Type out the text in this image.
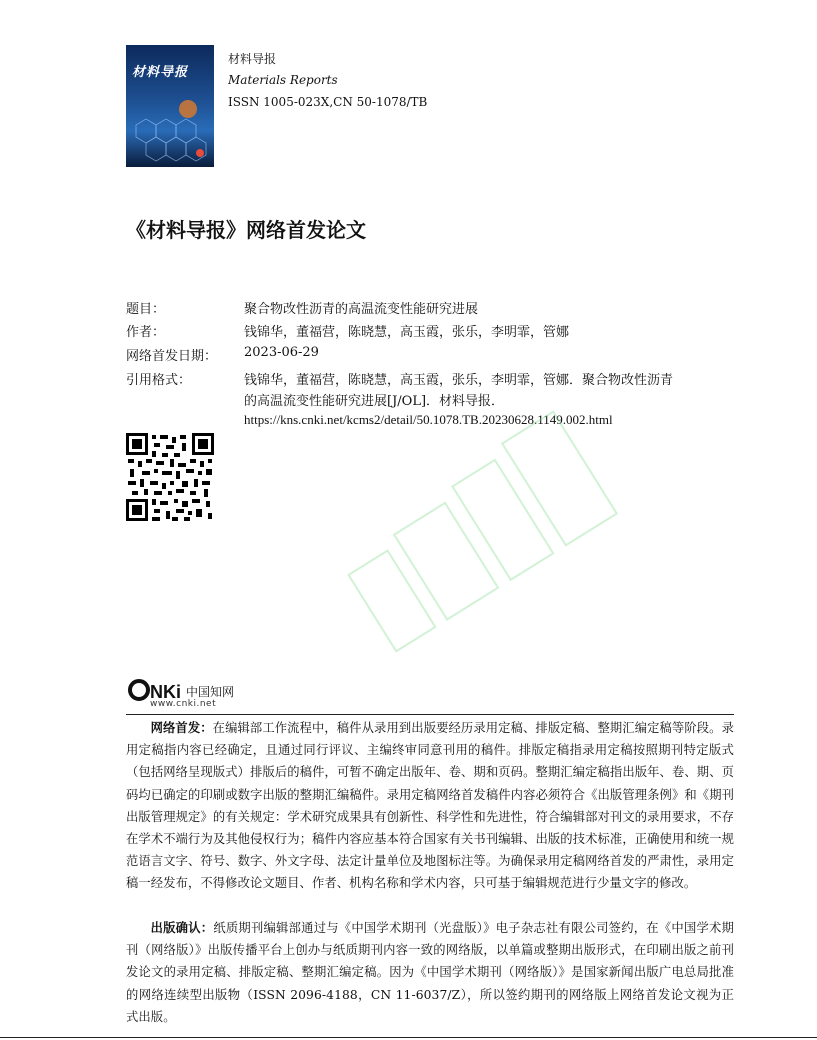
材料导报
材料导报
Materials Reports
ISSN 1005-023X,CN 50-1078/TB
《材料导报》网络首发论文
题目：	聚合物改性沥青的高温流变性能研究进展
作者：	钱锦华，董福营，陈晓慧，高玉霞，张乐，李明霏，管娜
网络首发日期： 2023-06-29
引用格式：	钱锦华，董福营，陈晓慧，高玉霞，张乐，李明霏，管娜．聚合物改性沥青
的高温流变性能研究进展[J/OL]．材料导报．
https://kns.cnki.net/kcms2/detail/50.1078.TB.20230628.1149.002.html
NKi 中国知网
www.cnki.net

网络首发：在编辑部工作流程中，稿件从录用到出版要经历录用定稿、排版定稿、整期汇编定稿等阶段。录用定稿指内容已经确定，且通过同行评议、主编终审同意刊用的稿件。排版定稿指录用定稿按照期刊特定版式（包括网络呈现版式）排版后的稿件，可暂不确定出版年、卷、期和页码。整期汇编定稿指出版年、卷、期、页码均已确定的印刷或数字出版的整期汇编稿件。录用定稿网络首发稿件内容必须符合《出版管理条例》和《期刊出版管理规定》的有关规定：学术研究成果具有创新性、科学性和先进性，符合编辑部对刊文的录用要求，不存在学术不端行为及其他侵权行为；稿件内容应基本符合国家有关书刊编辑、出版的技术标准，正确使用和统一规范语言文字、符号、数字、外文字母、法定计量单位及地图标注等。为确保录用定稿网络首发的严肃性，录用定稿一经发布，不得修改论文题目、作者、机构名称和学术内容，只可基于编辑规范进行少量文字的修改。

出版确认：纸质期刊编辑部通过与《中国学术期刊（光盘版）》电子杂志社有限公司签约，在《中国学术期刊（网络版）》出版传播平台上创办与纸质期刊内容一致的网络版，以单篇或整期出版形式，在印刷出版之前刊发论文的录用定稿、排版定稿、整期汇编定稿。因为《中国学术期刊（网络版）》是国家新闻出版广电总局批准的网络连续型出版物（ISSN 2096-4188，CN 11-6037/Z），所以签约期刊的网络版上网络首发论文视为正式出版。
